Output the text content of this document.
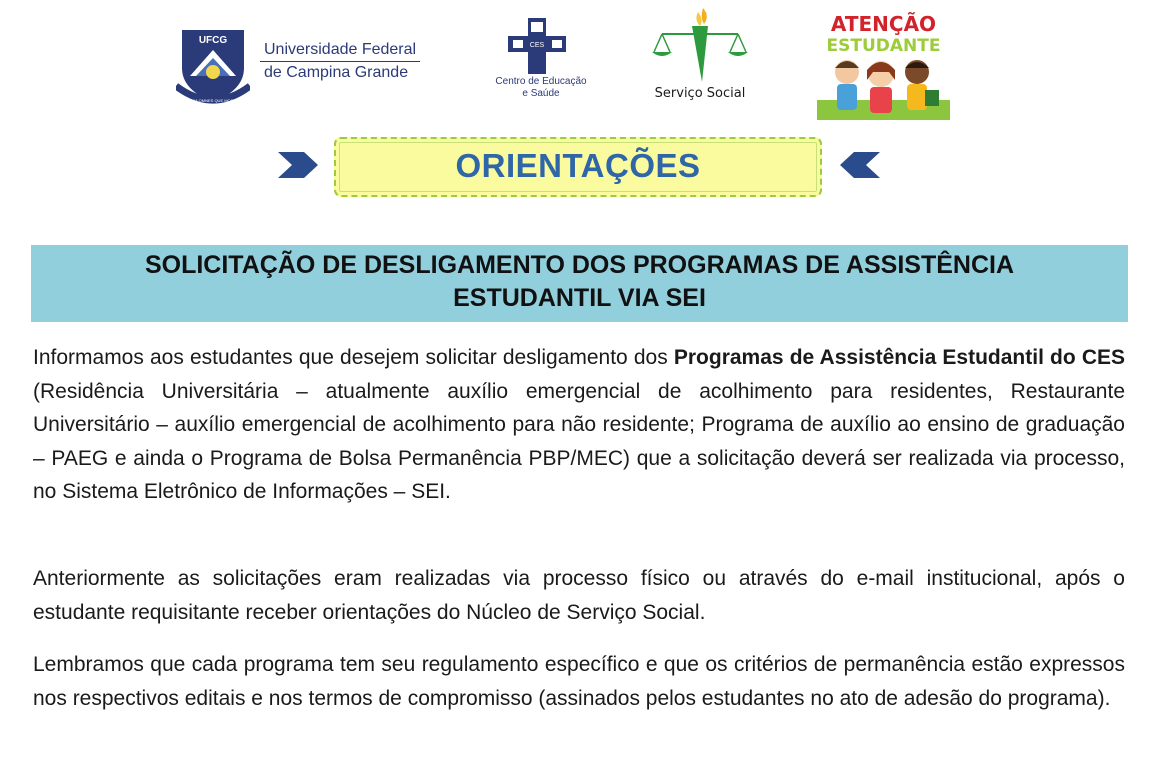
UFCG
OMNIA OMNES QUE MOSTRA
Universidade Federal
de Campina Grande
CES
Centro de Educação
e Saúde	Serviço Social
ATENÇÃO
ESTUDANTE
ORIENTAÇÕES
SOLICITAÇÃO DE DESLIGAMENTO DOS PROGRAMAS DE ASSISTÊNCIA
ESTUDANTIL VIA SEI
Informamos aos estudantes que desejem solicitar desligamento dos Programas de Assistência Estudantil do CES (Residência Universitária – atualmente auxílio emergencial de acolhimento para residentes, Restaurante Universitário – auxílio emergencial de acolhimento para não residente; Programa de auxílio ao ensino de graduação – PAEG e ainda o Programa de Bolsa Permanência PBP/MEC) que a solicitação deverá ser realizada via processo, no Sistema Eletrônico de Informações – SEI.
Anteriormente as solicitações eram realizadas via processo físico ou através do e-mail institucional, após o estudante requisitante receber orientações do Núcleo de Serviço Social.
Lembramos que cada programa tem seu regulamento específico e que os critérios de permanência estão expressos nos respectivos editais e nos termos de compromisso (assinados pelos estudantes no ato de adesão do programa).
